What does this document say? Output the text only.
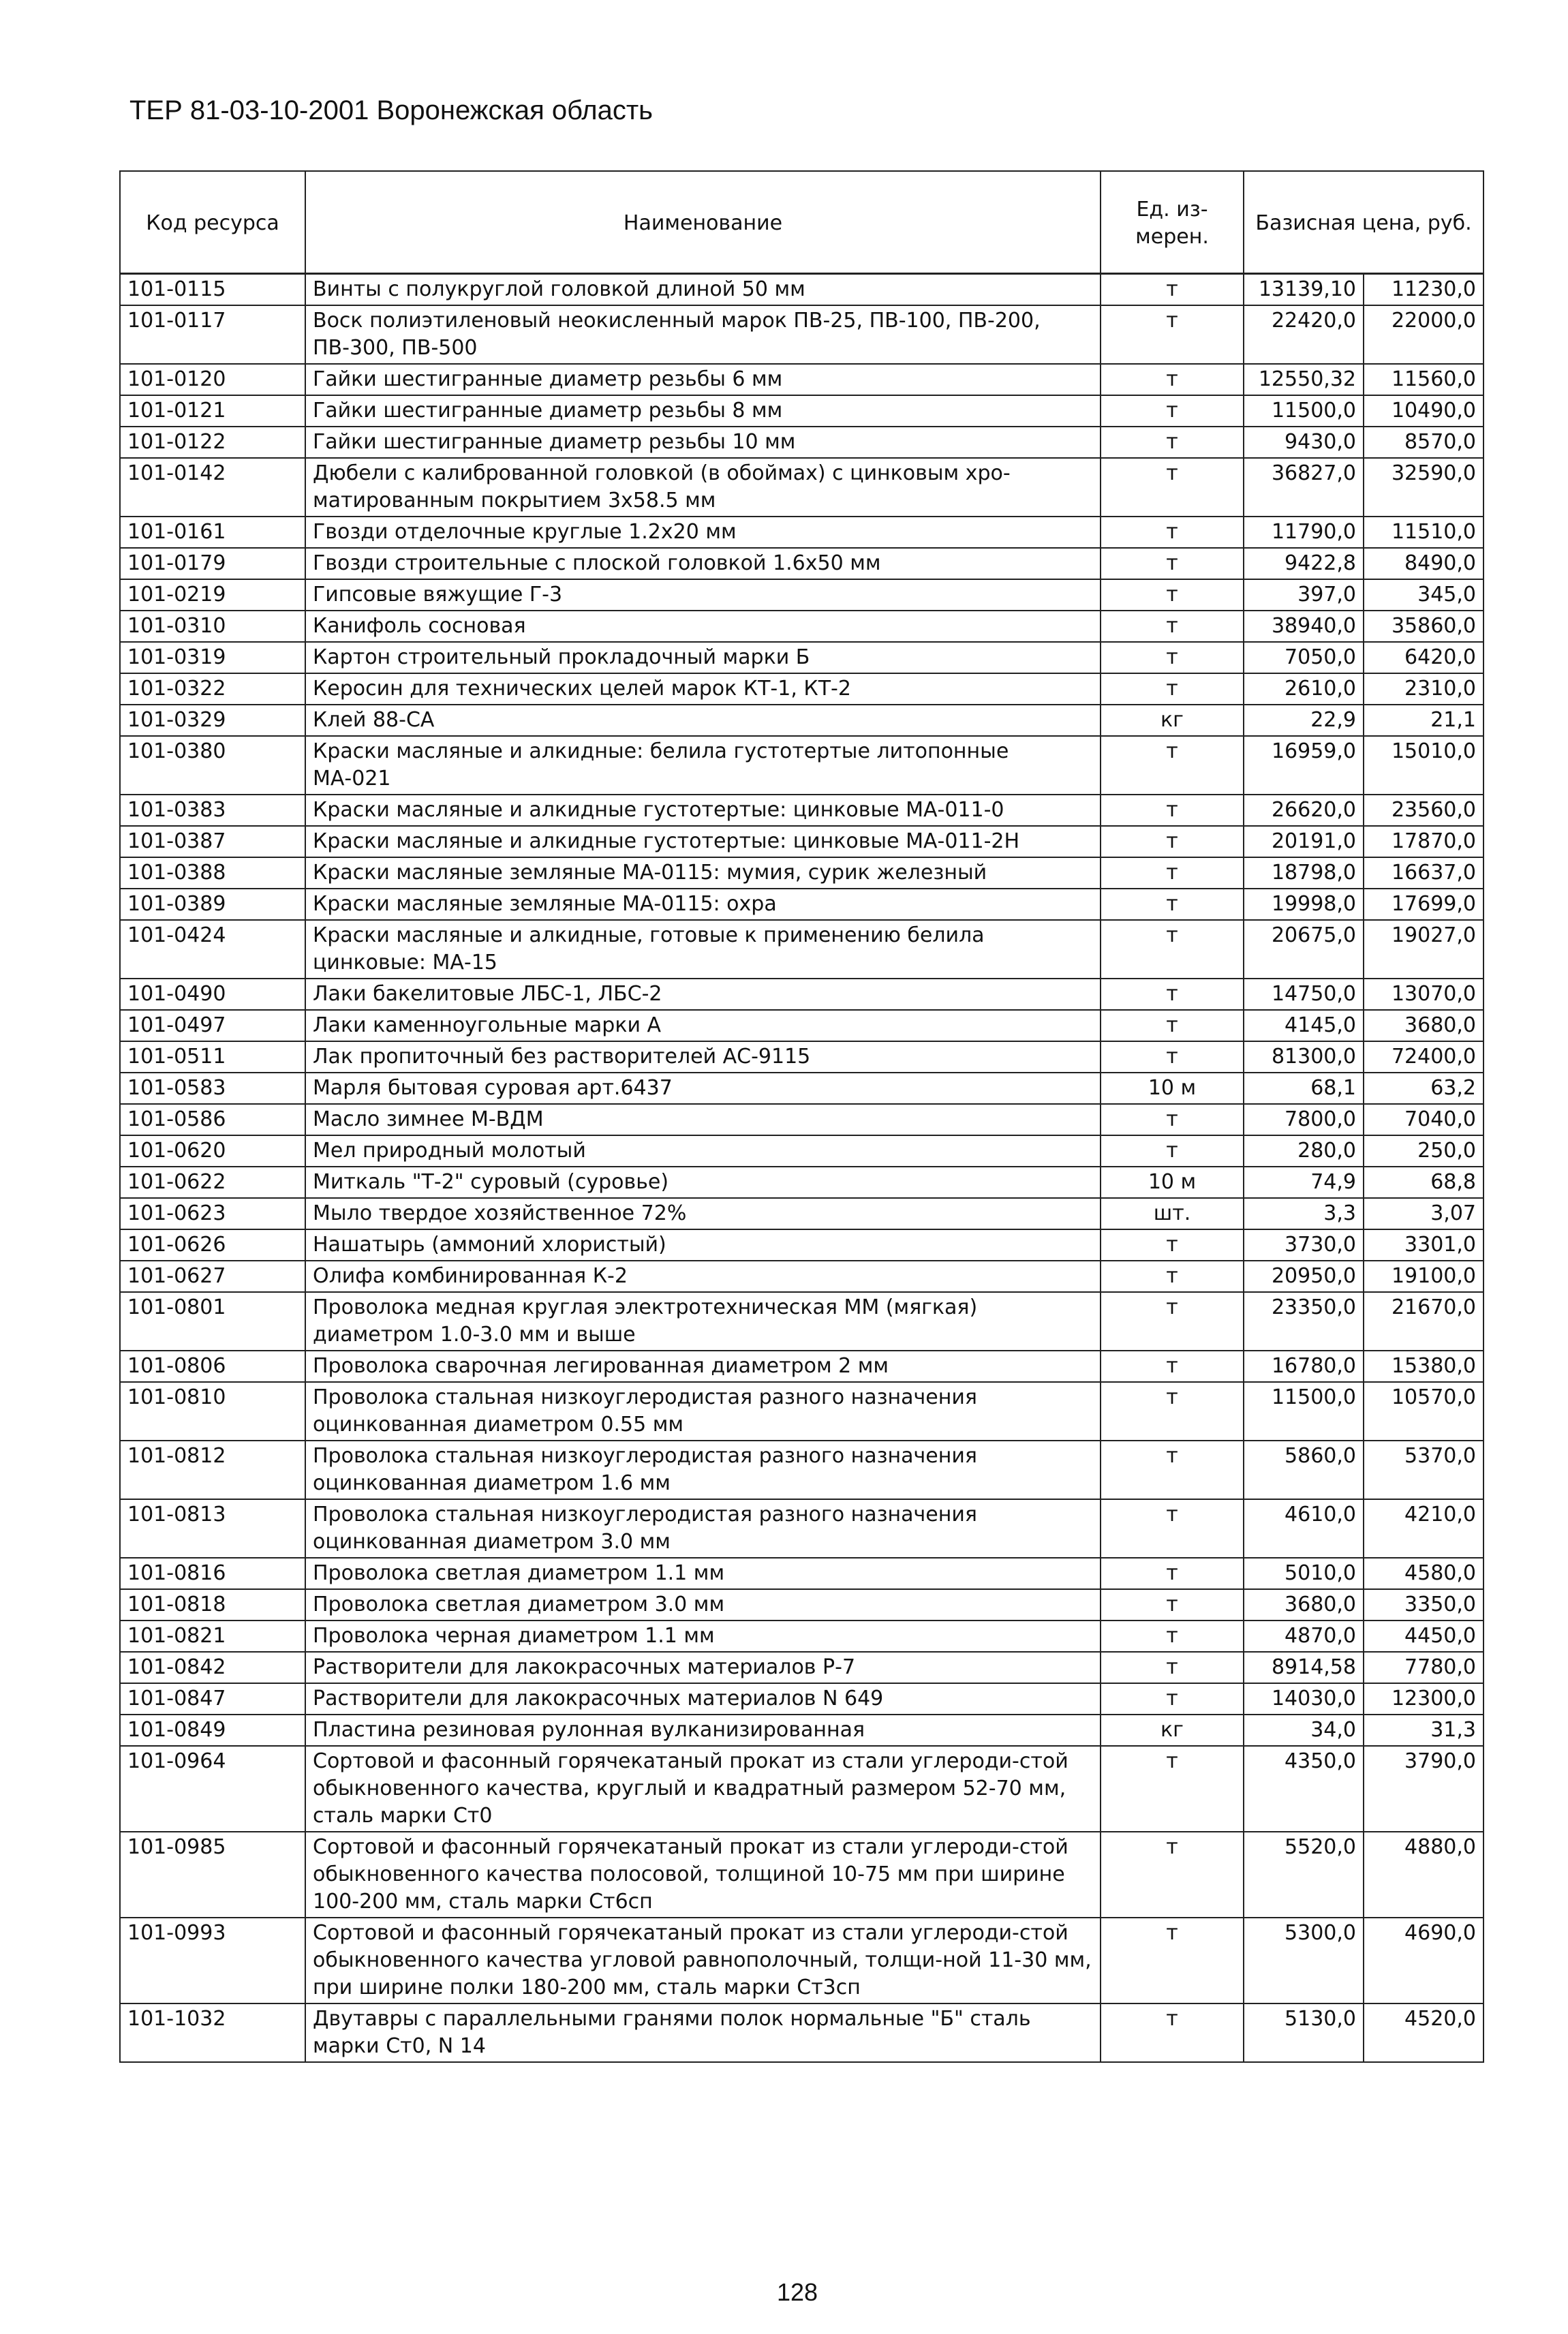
ТЕР 81-03-10-2001 Воронежская область
Код ресурса	Наименование	Ед. из- мерен.	Базисная цена, руб.	
101-0115	Винты с полукруглой головкой длиной 50 мм	т	13139,10	11230,0
101-0117	Воск полиэтиленовый неокисленный марок ПВ-25, ПВ-100, ПВ-200, ПВ-300, ПВ-500	т	22420,0	22000,0
101-0120	Гайки шестигранные диаметр резьбы 6 мм	т	12550,32	11560,0
101-0121	Гайки шестигранные диаметр резьбы 8 мм	т	11500,0	10490,0
101-0122	Гайки шестигранные диаметр резьбы 10 мм	т	9430,0	8570,0
101-0142	Дюбели с калиброванной головкой (в обоймах) с цинковым хро-матированным покрытием 3х58.5 мм	т	36827,0	32590,0
101-0161	Гвозди отделочные круглые 1.2х20 мм	т	11790,0	11510,0
101-0179	Гвозди строительные с плоской головкой 1.6х50 мм	т	9422,8	8490,0
101-0219	Гипсовые вяжущие Г-3	т	397,0	345,0
101-0310	Канифоль сосновая	т	38940,0	35860,0
101-0319	Картон строительный прокладочный марки Б	т	7050,0	6420,0
101-0322	Керосин для технических целей марок КТ-1, КТ-2	т	2610,0	2310,0
101-0329	Клей 88-СА	кг	22,9	21,1
101-0380	Краски масляные и алкидные: белила густотертые литопонные МА-021	т	16959,0	15010,0
101-0383	Краски масляные и алкидные густотертые: цинковые МА-011-0	т	26620,0	23560,0
101-0387	Краски масляные и алкидные густотертые: цинковые МА-011-2Н	т	20191,0	17870,0
101-0388	Краски масляные земляные МА-0115: мумия, сурик железный	т	18798,0	16637,0
101-0389	Краски масляные земляные МА-0115: охра	т	19998,0	17699,0
101-0424	Краски масляные и алкидные, готовые к применению белила цинковые: МА-15	т	20675,0	19027,0
101-0490	Лаки бакелитовые ЛБС-1, ЛБС-2	т	14750,0	13070,0
101-0497	Лаки каменноугольные марки А	т	4145,0	3680,0
101-0511	Лак пропиточный без растворителей АС-9115	т	81300,0	72400,0
101-0583	Марля бытовая суровая арт.6437	10 м	68,1	63,2
101-0586	Масло зимнее М-ВДМ	т	7800,0	7040,0
101-0620	Мел природный молотый	т	280,0	250,0
101-0622	Миткаль "Т-2" суровый (суровье)	10 м	74,9	68,8
101-0623	Мыло твердое хозяйственное 72%	шт.	3,3	3,07
101-0626	Нашатырь (аммоний хлористый)	т	3730,0	3301,0
101-0627	Олифа комбинированная К-2	т	20950,0	19100,0
101-0801	Проволока медная круглая электротехническая ММ (мягкая) диаметром 1.0-3.0 мм и выше	т	23350,0	21670,0
101-0806	Проволока сварочная легированная диаметром 2 мм	т	16780,0	15380,0
101-0810	Проволока стальная низкоуглеродистая разного назначения оцинкованная диаметром 0.55 мм	т	11500,0	10570,0
101-0812	Проволока стальная низкоуглеродистая разного назначения оцинкованная диаметром 1.6 мм	т	5860,0	5370,0
101-0813	Проволока стальная низкоуглеродистая разного назначения оцинкованная диаметром 3.0 мм	т	4610,0	4210,0
101-0816	Проволока светлая диаметром 1.1 мм	т	5010,0	4580,0
101-0818	Проволока светлая диаметром 3.0 мм	т	3680,0	3350,0
101-0821	Проволока черная диаметром 1.1 мм	т	4870,0	4450,0
101-0842	Растворители для лакокрасочных материалов Р-7	т	8914,58	7780,0
101-0847	Растворители для лакокрасочных материалов N 649	т	14030,0	12300,0
101-0849	Пластина резиновая рулонная вулканизированная	кг	34,0	31,3
101-0964	Сортовой и фасонный горячекатаный прокат из стали углероди-стой обыкновенного качества, круглый и квадратный размером 52-70 мм, сталь марки Ст0	т	4350,0	3790,0
101-0985	Сортовой и фасонный горячекатаный прокат из стали углероди-стой обыкновенного качества полосовой, толщиной 10-75 мм при ширине 100-200 мм, сталь марки Ст6сп	т	5520,0	4880,0
101-0993	Сортовой и фасонный горячекатаный прокат из стали углероди-стой обыкновенного качества угловой равнополочный, толщи-ной 11-30 мм, при ширине полки 180-200 мм, сталь марки Ст3сп	т	5300,0	4690,0
101-1032	Двутавры с параллельными гранями полок нормальные "Б" сталь марки Ст0, N 14	т	5130,0	4520,0
128
